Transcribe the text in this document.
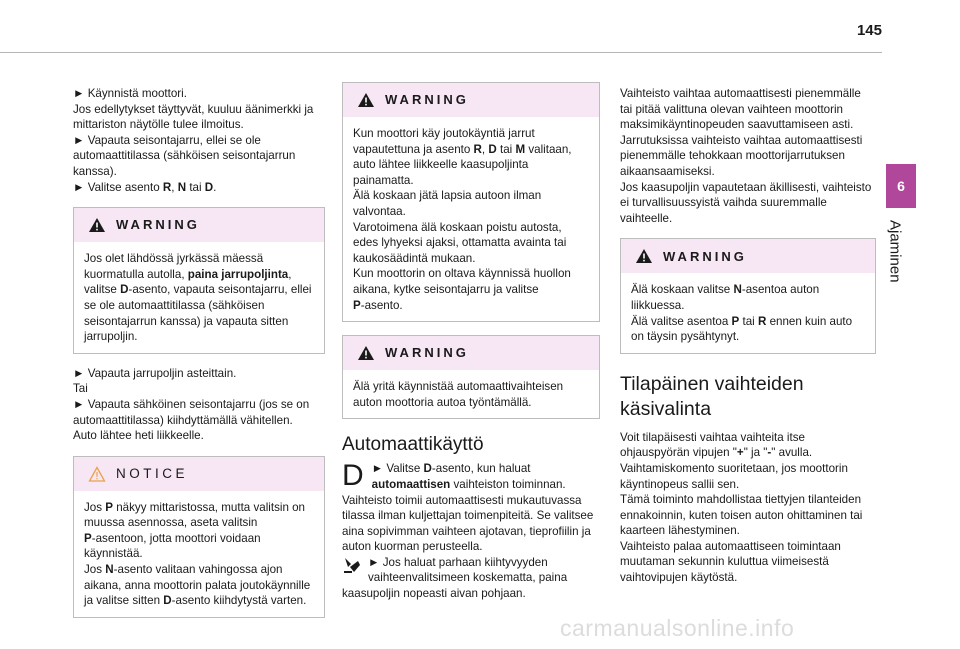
145
6
Ajaminen

► Käynnistä moottori.

Jos edellytykset täyttyvät, kuuluu äänimerkki ja

mittariston näytölle tulee ilmoitus.

► Vapauta seisontajarru, ellei se ole

automaattitilassa (sähköisen seisontajarrun

kanssa).

► Valitse asento R, N tai D.

WARNING

Jos olet lähdössä jyrkässä mäessä

kuormatulla autolla, paina jarrupoljinta,

valitse D-asento, vapauta seisontajarru, ellei

se ole automaattitilassa (sähköisen

seisontajarrun kanssa) ja vapauta sitten

jarrupoljin.

► Vapauta jarrupoljin asteittain.

Tai

► Vapauta sähköinen seisontajarru (jos se on

automaattitilassa) kiihdyttämällä vähitellen.

Auto lähtee heti liikkeelle.

NOTICE

Jos P näkyy mittaristossa, mutta valitsin on

muussa asennossa, aseta valitsin

P-asentoon, jotta moottori voidaan

käynnistää.

Jos N-asento valitaan vahingossa ajon

aikana, anna moottorin palata joutokäynnille

ja valitse sitten D-asento kiihdytystä varten.

WARNING

Kun moottori käy joutokäyntiä jarrut

vapautettuna ja asento R, D tai M valitaan,

auto lähtee liikkeelle kaasupoljinta

painamatta.

Älä koskaan jätä lapsia autoon ilman

valvontaa.

Varotoimena älä koskaan poistu autosta,

edes lyhyeksi ajaksi, ottamatta avainta tai

kaukosäädintä mukaan.

Kun moottorin on oltava käynnissä huollon

aikana, kytke seisontajarru ja valitse

P-asento.

WARNING

Älä yritä käynnistää automaattivaihteisen

auton moottoria autoa työntämällä.

Automaattikäyttö
D ► Valitse D-asento, kun haluat

automaattisen vaihteiston toiminnan.

Vaihteisto toimii automaattisesti mukautuvassa

tilassa ilman kuljettajan toimenpiteitä. Se valitsee

aina sopivimman vaihteen ajotavan, tieprofiilin ja

auton kuorman perusteella.

► Jos haluat parhaan kiihtyvyyden

vaihteenvalitsimeen koskematta, paina

kaasupoljin nopeasti aivan pohjaan.

Vaihteisto vaihtaa automaattisesti pienemmälle

tai pitää valittuna olevan vaihteen moottorin

maksimikäyntinopeuden saavuttamiseen asti.

Jarrutuksissa vaihteisto vaihtaa automaattisesti

pienemmälle tehokkaan moottorijarrutuksen

aikaansaamiseksi.

Jos kaasupoljin vapautetaan äkillisesti, vaihteisto

ei turvallisuussyistä vaihda suuremmalle

vaihteelle.

WARNING

Älä koskaan valitse N-asentoa auton

liikkuessa.

Älä valitse asentoa P tai R ennen kuin auto

on täysin pysähtynyt.

Tilapäinen vaihteiden
käsivalinta

Voit tilapäisesti vaihtaa vaihteita itse

ohjauspyörän vipujen "+" ja "-" avulla.

Vaihtamiskomento suoritetaan, jos moottorin

käyntinopeus sallii sen.

Tämä toiminto mahdollistaa tiettyjen tilanteiden

ennakoinnin, kuten toisen auton ohittaminen tai

kaarteen lähestyminen.

Vaihteisto palaa automaattiseen toimintaan

muutaman sekunnin kuluttua viimeisestä

vaihtovipujen käytöstä.

carmanualsonline.info
